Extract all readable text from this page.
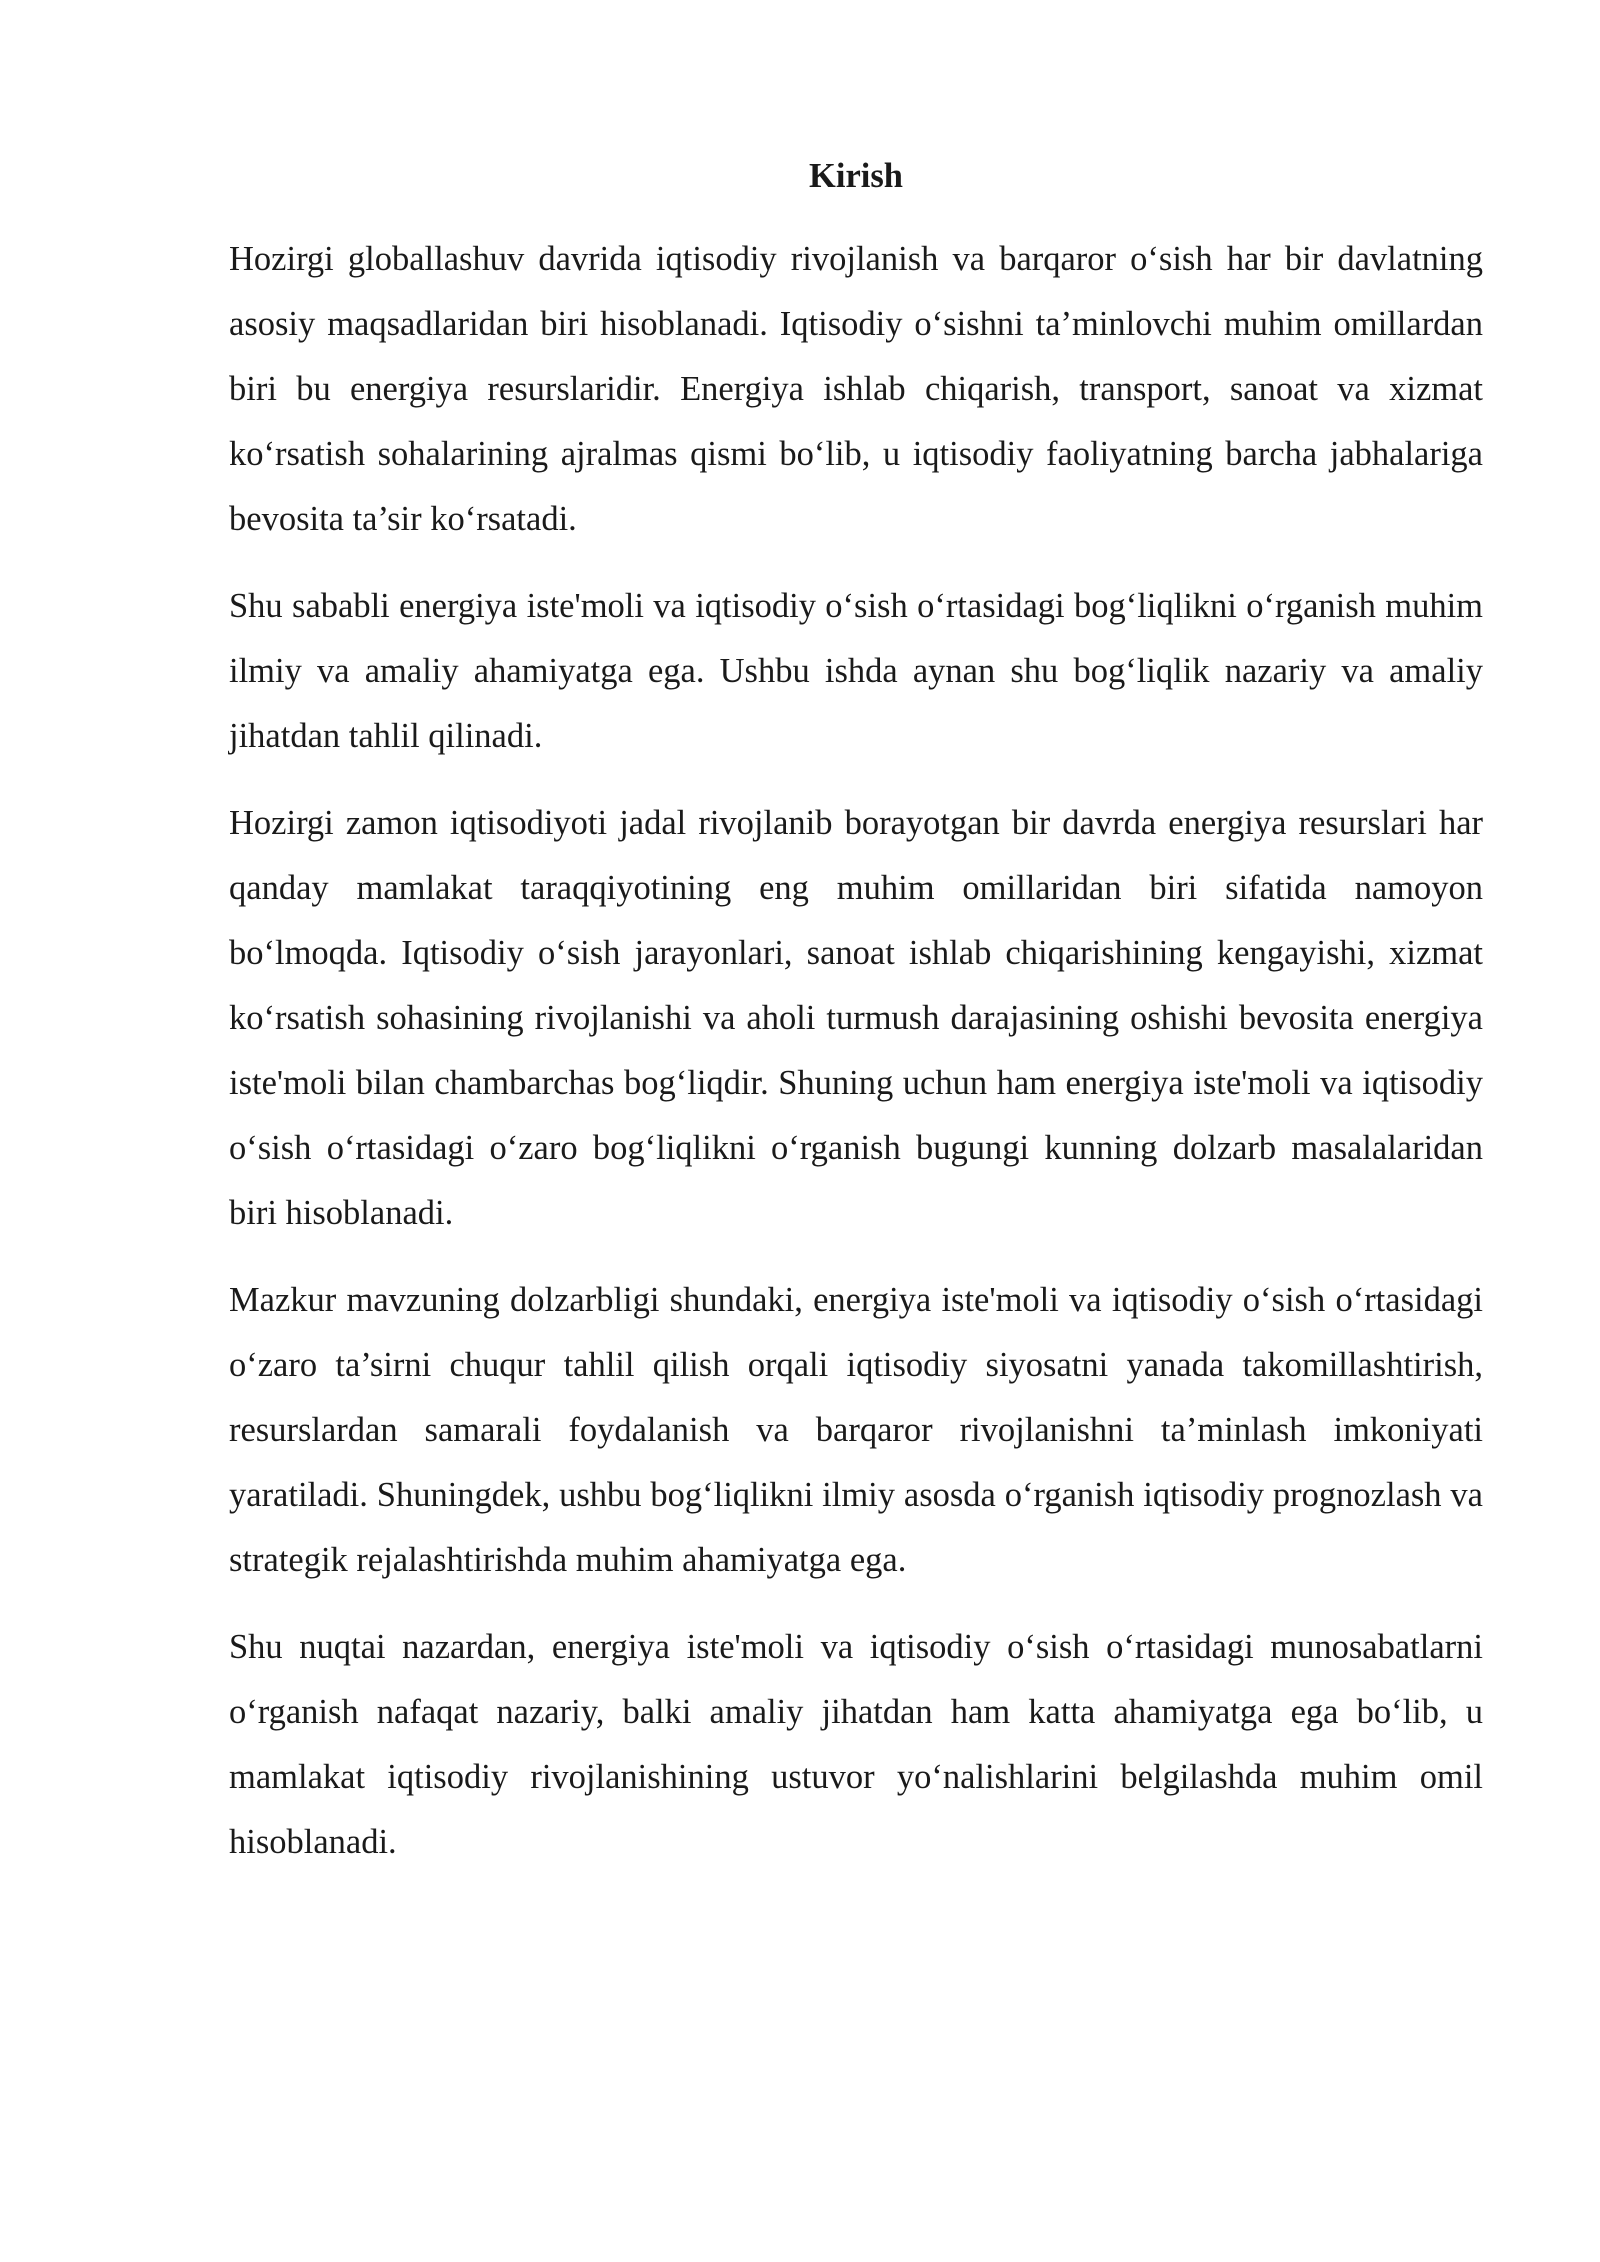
Kirish

Hozirgi globallashuv davrida iqtisodiy rivojlanish va barqaror o‘sish har bir davlatning asosiy maqsadlaridan biri hisoblanadi. Iqtisodiy o‘sishni ta’minlovchi muhim omillardan biri bu energiya resurslaridir. Energiya ishlab chiqarish, transport, sanoat va xizmat ko‘rsatish sohalarining ajralmas qismi bo‘lib, u iqtisodiy faoliyatning barcha jabhalariga bevosita ta’sir ko‘rsatadi.

Shu sababli energiya iste'moli va iqtisodiy o‘sish o‘rtasidagi bog‘liqlikni o‘rganish muhim ilmiy va amaliy ahamiyatga ega. Ushbu ishda aynan shu bog‘liqlik nazariy va amaliy jihatdan tahlil qilinadi.

Hozirgi zamon iqtisodiyoti jadal rivojlanib borayotgan bir davrda energiya resurslari har qanday mamlakat taraqqiyotining eng muhim omillaridan biri sifatida namoyon bo‘lmoqda. Iqtisodiy o‘sish jarayonlari, sanoat ishlab chiqarishining kengayishi, xizmat ko‘rsatish sohasining rivojlanishi va aholi turmush darajasining oshishi bevosita energiya iste'moli bilan chambarchas bog‘liqdir. Shuning uchun ham energiya iste'moli va iqtisodiy o‘sish o‘rtasidagi o‘zaro bog‘liqlikni o‘rganish bugungi kunning dolzarb masalalaridan biri hisoblanadi.

Mazkur mavzuning dolzarbligi shundaki, energiya iste'moli va iqtisodiy o‘sish o‘rtasidagi o‘zaro ta’sirni chuqur tahlil qilish orqali iqtisodiy siyosatni yanada takomillashtirish, resurslardan samarali foydalanish va barqaror rivojlanishni ta’minlash imkoniyati yaratiladi. Shuningdek, ushbu bog‘liqlikni ilmiy asosda o‘rganish iqtisodiy prognozlash va strategik rejalashtirishda muhim ahamiyatga ega.

Shu nuqtai nazardan, energiya iste'moli va iqtisodiy o‘sish o‘rtasidagi munosabatlarni o‘rganish nafaqat nazariy, balki amaliy jihatdan ham katta ahamiyatga ega bo‘lib, u mamlakat iqtisodiy rivojlanishining ustuvor yo‘nalishlarini belgilashda muhim omil hisoblanadi.
